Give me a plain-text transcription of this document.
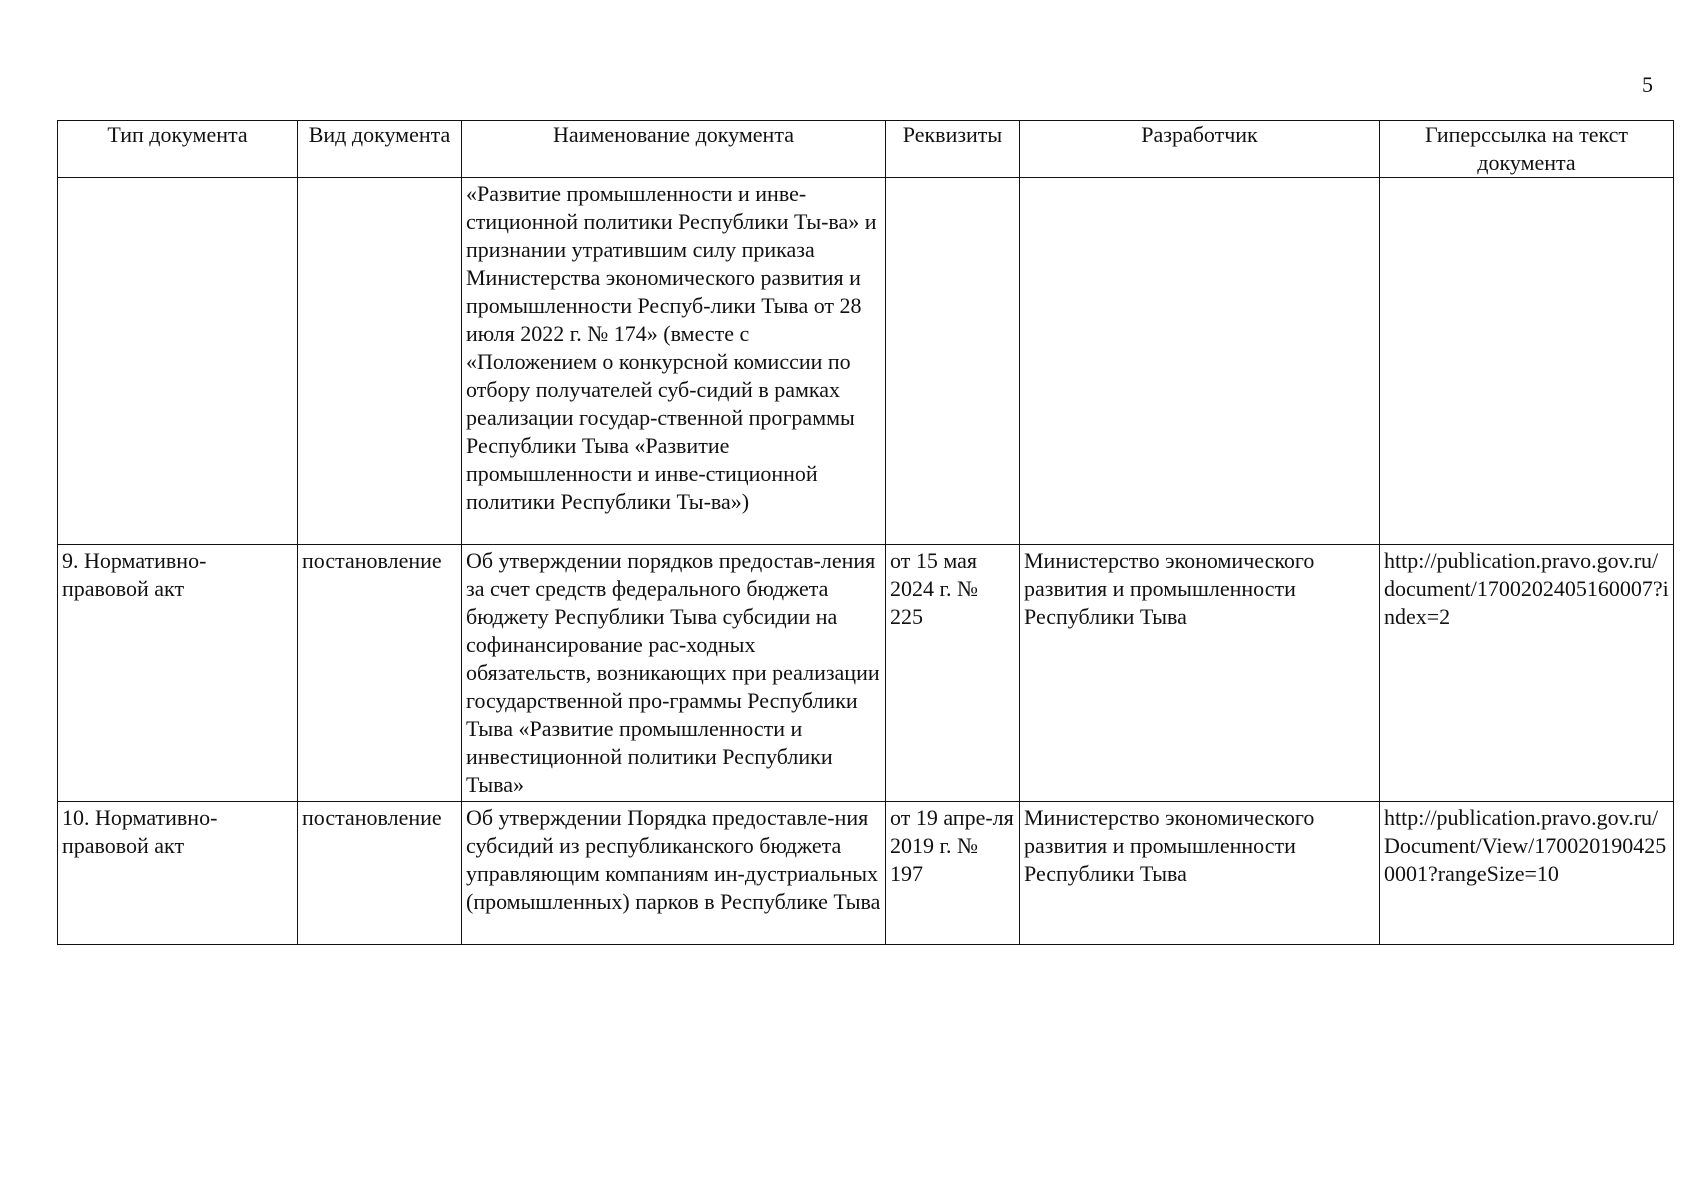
5
Тип документа	Вид документа	Наименование документа	Реквизиты	Разработчик	Гиперссылка на текст документа
		«Развитие промышленности и инве-стиционной политики Республики Ты-ва» и признании утратившим силу приказа Министерства экономического развития и промышленности Респуб-лики Тыва от 28 июля 2022 г. № 174» (вместе с «Положением о конкурсной комиссии по отбору получателей суб-сидий в рамках реализации государ-ственной программы Республики Тыва «Развитие промышленности и инве-стиционной политики Республики Ты-ва»)			
9. Нормативно-правовой акт	постановление	Об утверждении порядков предостав-ления за счет средств федерального бюджета бюджету Республики Тыва субсидии на софинансирование рас-ходных обязательств, возникающих при реализации государственной про-граммы Республики Тыва «Развитие промышленности и инвестиционной политики Республики Тыва»	от 15 мая 2024 г. № 225	Министерство экономического развития и промышленности Республики Тыва	http://publication.pravo.gov.ru/document/1700202405160007?index=2
10. Нормативно-правовой акт	постановление	Об утверждении Порядка предоставле-ния субсидий из республиканского бюджета управляющим компаниям ин-дустриальных (промышленных) парков в Республике Тыва	от 19 апре-ля 2019 г. № 197	Министерство экономического развития и промышленности Республики Тыва	http://publication.pravo.gov.ru/Document/View/1700201904250001?rangeSize=10
